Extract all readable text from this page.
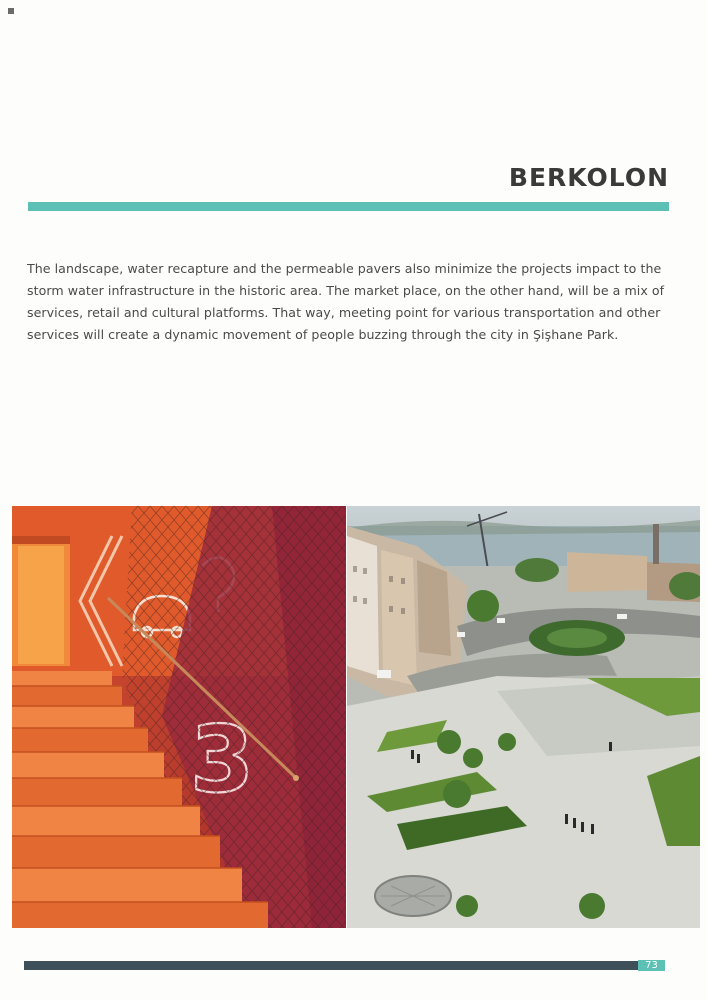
BERKOLON
The landscape, water recapture and the permeable pavers also minimize the projects impact to the storm water infrastructure in the historic area. The market place, on the other hand, will be a mix of services, retail and cultural platforms. That way, meeting point for various transportation and other services will create a dynamic movement of people buzzing through the city in Şişhane Park.
73
